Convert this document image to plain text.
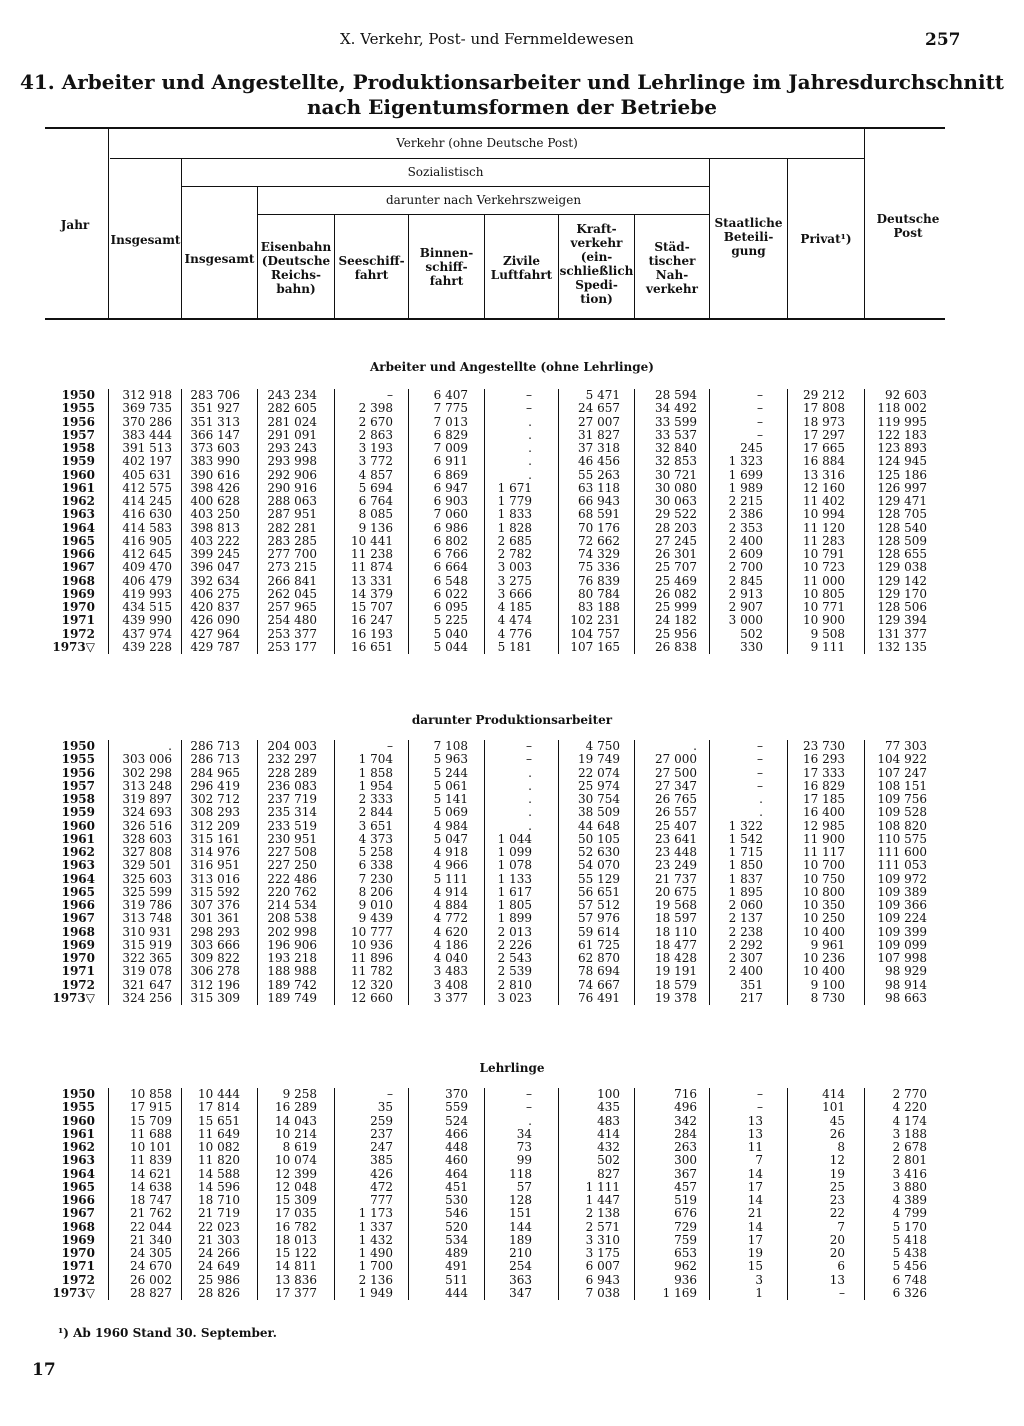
X. Verkehr, Post- und Fernmeldewesen	257
41. Arbeiter und Angestellte, Produktionsarbeiter und Lehrlinge im Jahresdurchschnitt
nach Eigentumsformen der Betriebe
Jahr
Verkehr (ohne Deutsche Post)
Sozialistisch
darunter nach Verkehrszweigen
Insgesamt
Insgesamt
Eisenbahn
(Deutsche
Reichs-
bahn)
Seeschiff-
fahrt
Binnen-
schiff-
fahrt
Zivile
Luftfahrt
Kraft-
verkehr
(ein-
schließlich
Spedi-
tion)
Städ-
tischer
Nah-
verkehr
Staatliche
Beteili-
gung
Privat¹)
Deutsche
Post
Arbeiter und Angestellte (ohne Lehrlinge)
darunter Produktionsarbeiter
Lehrlinge
1950	312 918	283 706	243 234	–	6 407	–	5 471	28 594	–	29 212	92 603
1955	369 735	351 927	282 605	2 398	7 775	–	24 657	34 492	–	17 808	118 002
1956	370 286	351 313	281 024	2 670	7 013	.	27 007	33 599	–	18 973	119 995
1957	383 444	366 147	291 091	2 863	6 829	.	31 827	33 537	–	17 297	122 183
1958	391 513	373 603	293 243	3 193	7 009	.	37 318	32 840	245	17 665	123 893
1959	402 197	383 990	293 998	3 772	6 911	.	46 456	32 853	1 323	16 884	124 945
1960	405 631	390 616	292 906	4 857	6 869	.	55 263	30 721	1 699	13 316	125 186
1961	412 575	398 426	290 916	5 694	6 947	1 671	63 118	30 080	1 989	12 160	126 997
1962	414 245	400 628	288 063	6 764	6 903	1 779	66 943	30 063	2 215	11 402	129 471
1963	416 630	403 250	287 951	8 085	7 060	1 833	68 591	29 522	2 386	10 994	128 705
1964	414 583	398 813	282 281	9 136	6 986	1 828	70 176	28 203	2 353	11 120	128 540
1965	416 905	403 222	283 285	10 441	6 802	2 685	72 662	27 245	2 400	11 283	128 509
1966	412 645	399 245	277 700	11 238	6 766	2 782	74 329	26 301	2 609	10 791	128 655
1967	409 470	396 047	273 215	11 874	6 664	3 003	75 336	25 707	2 700	10 723	129 038
1968	406 479	392 634	266 841	13 331	6 548	3 275	76 839	25 469	2 845	11 000	129 142
1969	419 993	406 275	262 045	14 379	6 022	3 666	80 784	26 082	2 913	10 805	129 170
1970	434 515	420 837	257 965	15 707	6 095	4 185	83 188	25 999	2 907	10 771	128 506
1971	439 990	426 090	254 480	16 247	5 225	4 474	102 231	24 182	3 000	10 900	129 394
1972	437 974	427 964	253 377	16 193	5 040	4 776	104 757	25 956	502	9 508	131 377
1973▽	439 228	429 787	253 177	16 651	5 044	5 181	107 165	26 838	330	9 111	132 135
1950	.	286 713	204 003	–	7 108	–	4 750	.	–	23 730	77 303
1955	303 006	286 713	232 297	1 704	5 963	–	19 749	27 000	–	16 293	104 922
1956	302 298	284 965	228 289	1 858	5 244	.	22 074	27 500	–	17 333	107 247
1957	313 248	296 419	236 083	1 954	5 061	.	25 974	27 347	–	16 829	108 151
1958	319 897	302 712	237 719	2 333	5 141	.	30 754	26 765	.	17 185	109 756
1959	324 693	308 293	235 314	2 844	5 069	.	38 509	26 557	.	16 400	109 528
1960	326 516	312 209	233 519	3 651	4 984	.	44 648	25 407	1 322	12 985	108 820
1961	328 603	315 161	230 951	4 373	5 047	1 044	50 105	23 641	1 542	11 900	110 575
1962	327 808	314 976	227 508	5 258	4 918	1 099	52 630	23 448	1 715	11 117	111 600
1963	329 501	316 951	227 250	6 338	4 966	1 078	54 070	23 249	1 850	10 700	111 053
1964	325 603	313 016	222 486	7 230	5 111	1 133	55 129	21 737	1 837	10 750	109 972
1965	325 599	315 592	220 762	8 206	4 914	1 617	56 651	20 675	1 895	10 800	109 389
1966	319 786	307 376	214 534	9 010	4 884	1 805	57 512	19 568	2 060	10 350	109 366
1967	313 748	301 361	208 538	9 439	4 772	1 899	57 976	18 597	2 137	10 250	109 224
1968	310 931	298 293	202 998	10 777	4 620	2 013	59 614	18 110	2 238	10 400	109 399
1969	315 919	303 666	196 906	10 936	4 186	2 226	61 725	18 477	2 292	9 961	109 099
1970	322 365	309 822	193 218	11 896	4 040	2 543	62 870	18 428	2 307	10 236	107 998
1971	319 078	306 278	188 988	11 782	3 483	2 539	78 694	19 191	2 400	10 400	98 929
1972	321 647	312 196	189 742	12 320	3 408	2 810	74 667	18 579	351	9 100	98 914
1973▽	324 256	315 309	189 749	12 660	3 377	3 023	76 491	19 378	217	8 730	98 663
1950	10 858	10 444	9 258	–	370	–	100	716	–	414	2 770
1955	17 915	17 814	16 289	35	559	–	435	496	–	101	4 220
1960	15 709	15 651	14 043	259	524	.	483	342	13	45	4 174
1961	11 688	11 649	10 214	237	466	34	414	284	13	26	3 188
1962	10 101	10 082	8 619	247	448	73	432	263	11	8	2 678
1963	11 839	11 820	10 074	385	460	99	502	300	7	12	2 801
1964	14 621	14 588	12 399	426	464	118	827	367	14	19	3 416
1965	14 638	14 596	12 048	472	451	57	1 111	457	17	25	3 880
1966	18 747	18 710	15 309	777	530	128	1 447	519	14	23	4 389
1967	21 762	21 719	17 035	1 173	546	151	2 138	676	21	22	4 799
1968	22 044	22 023	16 782	1 337	520	144	2 571	729	14	7	5 170
1969	21 340	21 303	18 013	1 432	534	189	3 310	759	17	20	5 418
1970	24 305	24 266	15 122	1 490	489	210	3 175	653	19	20	5 438
1971	24 670	24 649	14 811	1 700	491	254	6 007	962	15	6	5 456
1972	26 002	25 986	13 836	2 136	511	363	6 943	936	3	13	6 748
1973▽	28 827	28 826	17 377	1 949	444	347	7 038	1 169	1	–	6 326
¹) Ab 1960 Stand 30. September.
17
